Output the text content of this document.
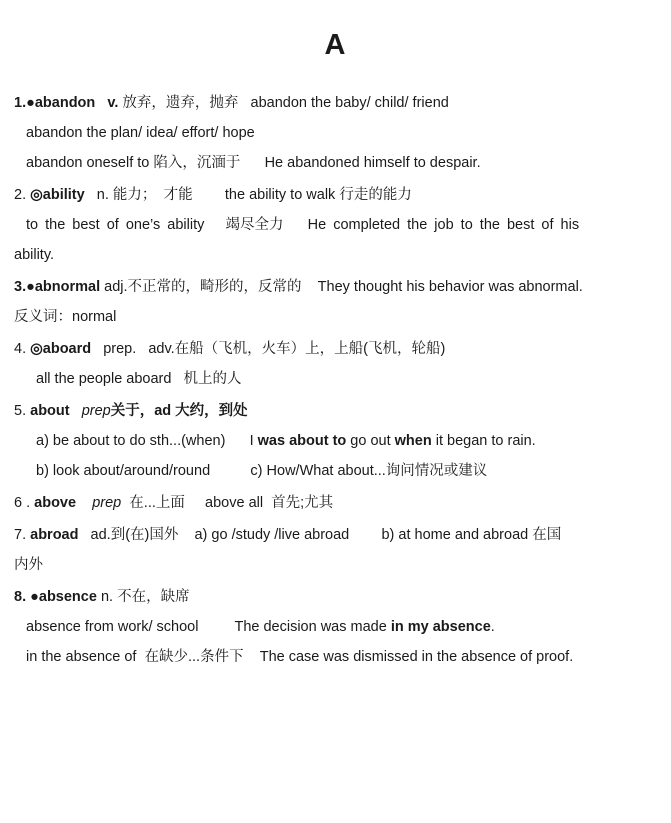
A
1.●abandon v. 放弃，遗弃，抛弃   abandon the baby/ child/ friend
abandon the plan/ idea/ effort/ hope
abandon oneself to 陷入，沉湎于 He abandoned himself to despair.
2. ◎ability   n. 能力；　才能        the ability to walk 行走的能力
to the best of one’s ability   竭尽全力 He completed the job to the best of his
ability.
3.●abnormal adj.不正常的，畸形的，反常的    They thought his behavior was abnormal.
反义词：normal
4. ◎aboard   prep.   adv.在船（飞机，火车）上，上船(飞机，轮船)
all the people aboard   机上的人
5. about prep关于，ad 大约，到处
a) be about to do sth...(when) I was about to go out when it began to rain.
b) look about/around/round          c) How/What about...询问情况或建议
6 . above prep  在...上面     above all  首先;尤其
7. abroad   ad.到(在)国外    a) go /study /live abroad        b) at home and abroad 在国
内外
8. ●absence n. 不在，缺席
absence from work/ school         The decision was made in my absence.
in the absence of  在缺少...条件下    The case was dismissed in the absence of proof.
